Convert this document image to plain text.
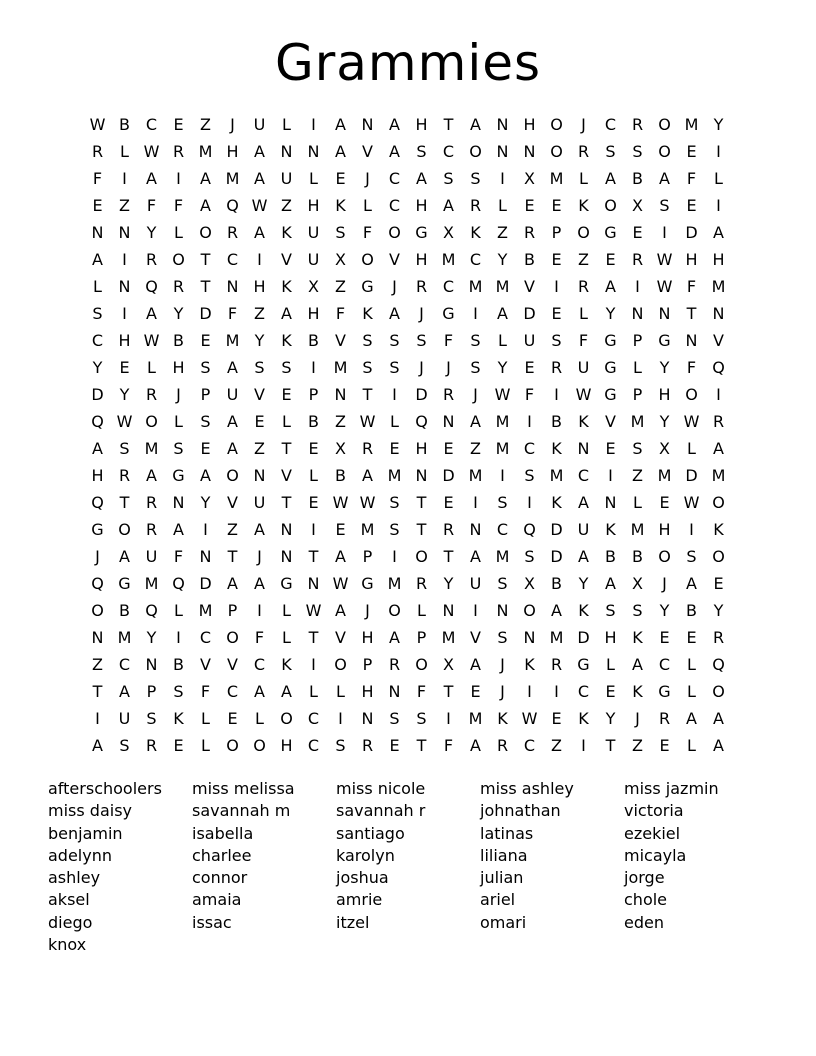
Grammies
W B C	E	Z	J	U	L	I	A N A H	T	A N H O	J	C R O M Y
R	L W R M H A N N A	V	A	S	C O N N O R	S	S O E	I
F	I	A	I	A M A U	L	E	J	C A	S	S	I	X M L	A	B	A	F	L
E	Z	F	F	A Q W Z H K	L	C H A R	L	E	E	K O X	S	E	I
N N	Y	L	O R A	K U	S	F	O G X	K	Z R	P O G E	I	D A
A	I	R O T	C	I	V U X O V H M C	Y	B	E	Z	E	R W H H
L	N Q R	T	N H K	X	Z G	J	R C M M V	I	R A	I	W F M
S	I	A	Y D	F	Z	A H	F	K	A	J	G	I	A D E	L	Y	N N	T	N
C H W B	E M Y	K	B	V	S	S	S	F	S	L	U	S	F	G P G N V
Y	E	L	H S	A	S	S	I	M S	S	J	J	S	Y	E	R U G	L	Y	F	Q
D Y	R	J	P	U V	E	P	N	T	I	D R	J	W F	I	W G P	H O	I
Q W O	L	S	A	E	L	B	Z W L	Q N A M	I	B	K	V M Y W R
A	S M S	E	A	Z	T	E	X R	E H E	Z M C	K N E	S	X	L	A
H R A G A O N V	L	B	A M N D M	I	S M C	I	Z M D M
Q T	R N	Y	V U	T	E W W S	T	E	I	S	I	K	A N	L	E W O
G O R A	I	Z	A N	I	E M S	T	R N C Q D U K M H	I	K
J	A U	F	N	T	J	N	T	A	P	I	O T	A M S D A	B	B O S O
Q G M Q D A	A G N W G M R	Y	U	S	X	B	Y	A	X	J	A	E
O B Q	L M P	I	L W A	J	O	L	N	I	N O A	K	S	S	Y	B	Y
N M Y	I	C O	F	L	T	V H A	P M V	S N M D H K	E	E	R
Z C N B	V	V C	K	I	O P	R O X	A	J	K	R G	L	A C	L	Q
T	A	P	S	F	C A	A	L	L	H N	F	T	E	J	I	I	C	E	K G	L	O
I	U	S	K	L	E	L	O C	I	N S	S	I	M K W E	K	Y	J	R A	A
A	S	R	E	L	O O H C	S	R	E	T	F	A R C Z	I	T	Z	E	L	A
afterschoolers	miss melissa	miss nicole	miss ashley	miss jazmin
miss daisy	savannah m	savannah r	johnathan	victoria
benjamin	isabella	santiago	latinas	ezekiel
adelynn	charlee	karolyn	liliana	micayla
ashley	connor	joshua	julian	jorge
aksel	amaia	amrie	ariel	chole
diego	issac	itzel	omari	eden
knox
